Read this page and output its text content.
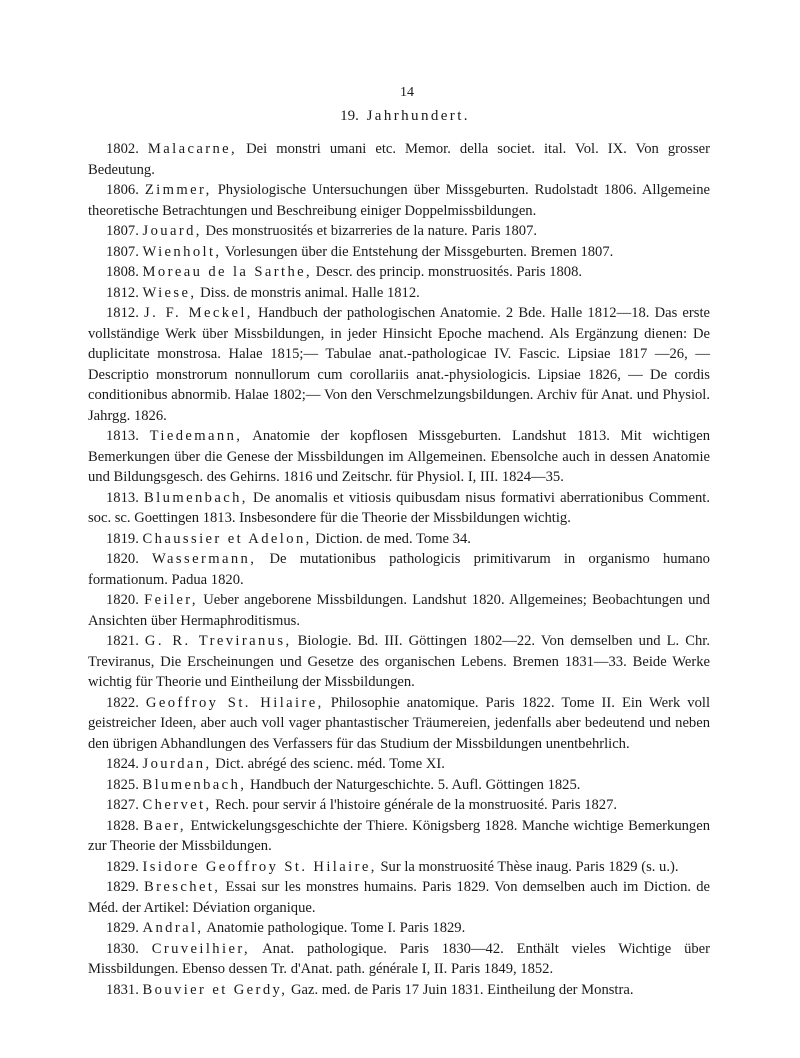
14
19. Jahrhundert.

1802. Malacarne, Dei monstri umani etc. Memor. della societ. ital. Vol. IX. Von grosser Bedeutung.

1806. Zimmer, Physiologische Untersuchungen über Missgeburten. Rudolstadt 1806. Allgemeine theoretische Betrachtungen und Beschreibung einiger Doppelmissbildungen.

1807. Jouard, Des monstruosités et bizarreries de la nature. Paris 1807.

1807. Wienholt, Vorlesungen über die Entstehung der Missgeburten. Bremen 1807.

1808. Moreau de la Sarthe, Descr. des princip. monstruosités. Paris 1808.

1812. Wiese, Diss. de monstris animal. Halle 1812.

1812. J. F. Meckel, Handbuch der pathologischen Anatomie. 2 Bde. Halle 1812—18. Das erste vollständige Werk über Missbildungen, in jeder Hinsicht Epoche machend. Als Ergänzung dienen: De duplicitate monstrosa. Halae 1815;— Tabulae anat.-pathologicae IV. Fascic. Lipsiae 1817 —26, — Descriptio monstrorum nonnullorum cum corollariis anat.-physiologicis. Lipsiae 1826, — De cordis conditionibus abnormib. Halae 1802;— Von den Verschmelzungsbildungen. Archiv für Anat. und Physiol. Jahrgg. 1826.

1813. Tiedemann, Anatomie der kopflosen Missgeburten. Landshut 1813. Mit wichtigen Bemerkungen über die Genese der Missbildungen im Allgemeinen. Ebensolche auch in dessen Anatomie und Bildungsgesch. des Gehirns. 1816 und Zeitschr. für Physiol. I, III. 1824—35.

1813. Blumenbach, De anomalis et vitiosis quibusdam nisus formativi aberrationibus Comment. soc. sc. Goettingen 1813. Insbesondere für die Theorie der Missbildungen wichtig.

1819. Chaussier et Adelon, Diction. de med. Tome 34.

1820. Wassermann, De mutationibus pathologicis primitivarum in organismo humano formationum. Padua 1820.

1820. Feiler, Ueber angeborene Missbildungen. Landshut 1820. Allgemeines; Beobachtungen und Ansichten über Hermaphroditismus.

1821. G. R. Treviranus, Biologie. Bd. III. Göttingen 1802—22. Von demselben und L. Chr. Treviranus, Die Erscheinungen und Gesetze des organischen Lebens. Bremen 1831—33. Beide Werke wichtig für Theorie und Eintheilung der Missbildungen.

1822. Geoffroy St. Hilaire, Philosophie anatomique. Paris 1822. Tome II. Ein Werk voll geistreicher Ideen, aber auch voll vager phantastischer Träumereien, jedenfalls aber bedeutend und neben den übrigen Abhandlungen des Verfassers für das Studium der Missbildungen unentbehrlich.

1824. Jourdan, Dict. abrégé des scienc. méd. Tome XI.

1825. Blumenbach, Handbuch der Naturgeschichte. 5. Aufl. Göttingen 1825.

1827. Chervet, Rech. pour servir á l'histoire générale de la monstruosité. Paris 1827.

1828. Baer, Entwickelungsgeschichte der Thiere. Königsberg 1828. Manche wichtige Bemerkungen zur Theorie der Missbildungen.

1829. Isidore Geoffroy St. Hilaire, Sur la monstruosité Thèse inaug. Paris 1829 (s. u.).

1829. Breschet, Essai sur les monstres humains. Paris 1829. Von demselben auch im Diction. de Méd. der Artikel: Déviation organique.

1829. Andral, Anatomie pathologique. Tome I. Paris 1829.

1830. Cruveilhier, Anat. pathologique. Paris 1830—42. Enthält vieles Wichtige über Missbildungen. Ebenso dessen Tr. d'Anat. path. générale I, II. Paris 1849, 1852.

1831. Bouvier et Gerdy, Gaz. med. de Paris 17 Juin 1831. Eintheilung der Monstra.
